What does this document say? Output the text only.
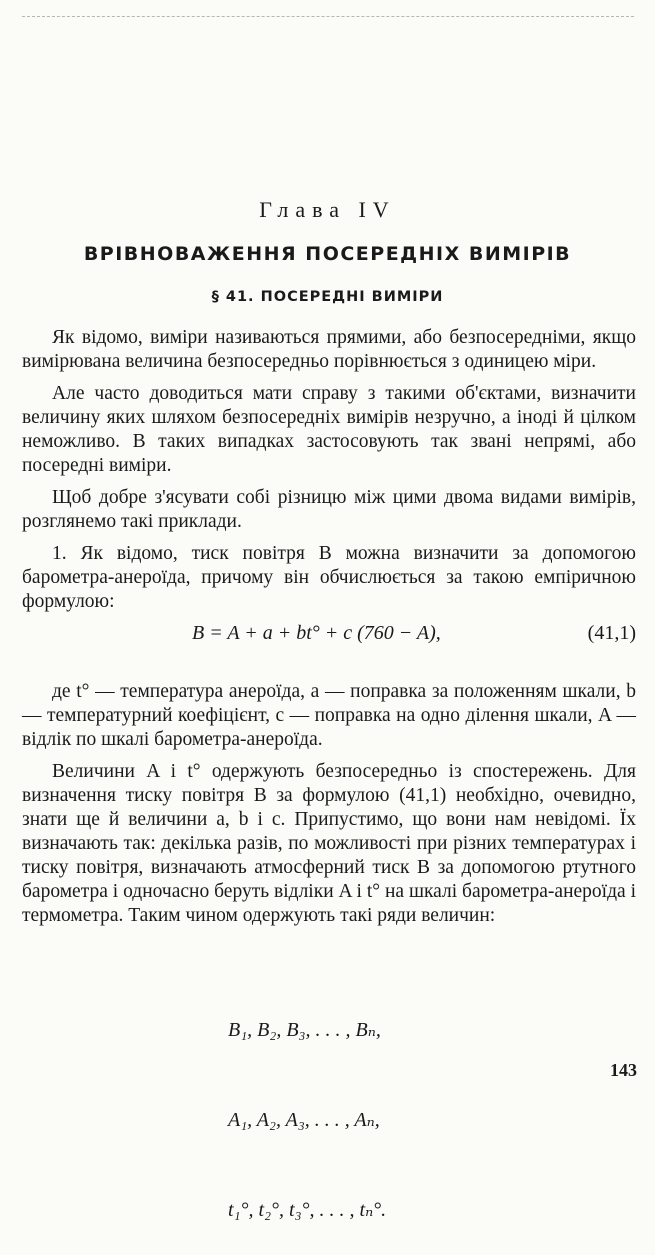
Глава IV
ВРІВНОВАЖЕННЯ ПОСЕРЕДНІХ ВИМІРІВ
§ 41. ПОСЕРЕДНІ ВИМІРИ

Як відомо, виміри називаються прямими, або безпосередніми, якщо вимірювана величина безпосередньо порівнюється з одиницею міри.

Але часто доводиться мати справу з такими об'єктами, визначити величину яких шляхом безпосередніх вимірів незручно, а іноді й цілком неможливо. В таких випадках застосовують так звані непрямі, або посередні виміри.

Щоб добре з'ясувати собі різницю між цими двома видами вимірів, розглянемо такі приклади.

1. Як відомо, тиск повітря B можна визначити за допомогою барометра-анероїда, причому він обчислюється за такою емпіричною формулою:

B = A + a + bt° + c (760 − A),	(41,1)

де t° — температура анероїда, a — поправка за положенням шкали, b — температурний коефіцієнт, c — поправка на одно ділення шкали, A — відлік по шкалі барометра-анероїда.

Величини A і t° одержують безпосередньо із спостережень. Для визначення тиску повітря B за формулою (41,1) необхідно, очевидно, знати ще й величини a, b і c. Припустимо, що вони нам невідомі. Їх визначають так: декілька разів, по можливості при різних температурах і тиску повітря, визначають атмосферний тиск B за допомогою ртутного барометра і одночасно беруть відліки A і t° на шкалі барометра-анероїда і термометра. Таким чином одержують такі ряди величин:

B₁, B₂, B₃, . . . , Bₙ,

A₁, A₂, A₃, . . . , Aₙ,

t₁°, t₂°, t₃°, . . . , tₙ°.

143
